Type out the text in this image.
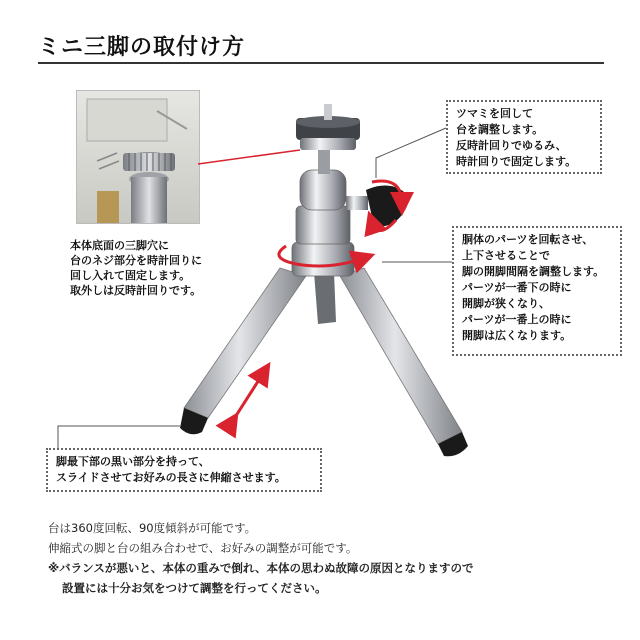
ミニ三脚の取付け方

本体底面の三脚穴に

台のネジ部分を時計回りに

回し入れて固定します。

取外しは反時計回りです。

ツマミを回して

台を調整します。

反時計回りでゆるみ、

時計回りで固定します。

胴体のパーツを回転させ、

上下させることで

脚の開脚間隔を調整します。

パーツが一番下の時に

開脚が狭くなり、

パーツが一番上の時に

開脚は広くなります。

脚最下部の黒い部分を持って、

スライドさせてお好みの長さに伸縮させます。

台は360度回転、90度傾斜が可能です。

伸縮式の脚と台の組み合わせで、お好みの調整が可能です。

※バランスが悪いと、本体の重みで倒れ、本体の思わぬ故障の原因となりますので

設置には十分お気をつけて調整を行ってください。
